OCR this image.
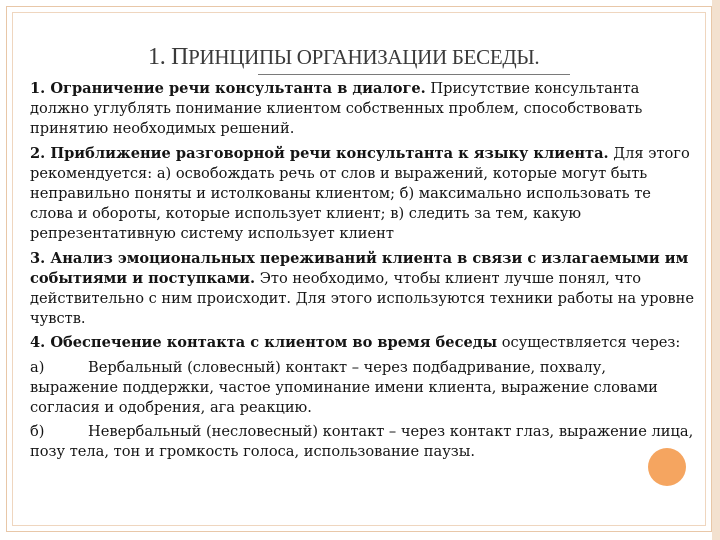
1. ПРИНЦИПЫ ОРГАНИЗАЦИИ БЕСЕДЫ.

1. Ограничение речи консультанта в диалоге. Присутствие консультанта должно углублять понимание клиентом собственных проблем, способствовать принятию необходимых решений.

2. Приближение разговорной речи консультанта к языку клиента. Для этого рекомендуется: а) освобождать речь от слов и выражений, которые могут быть неправильно поняты и истолкованы клиентом; б) максимально использовать те слова и обороты, которые использует клиент; в) следить за тем, какую репрезентативную систему использует клиент

3. Анализ эмоциональных переживаний клиента в связи с излагаемыми им событиями и поступками. Это необходимо, чтобы клиент лучше понял, что действительно с ним происходит. Для этого используются техники работы на уровне чувств.

4. Обеспечение контакта с клиентом во время беседы осуществляется через:

а)	Вербальный (словесный) контакт – через подбадривание, похвалу, выражение поддержки, частое упоминание имени клиента, выражение словами согласия и одобрения, ага реакцию.

б)	Невербальный (несловесный) контакт – через контакт глаз, выражение лица, позу тела, тон и громкость голоса, использование паузы.
